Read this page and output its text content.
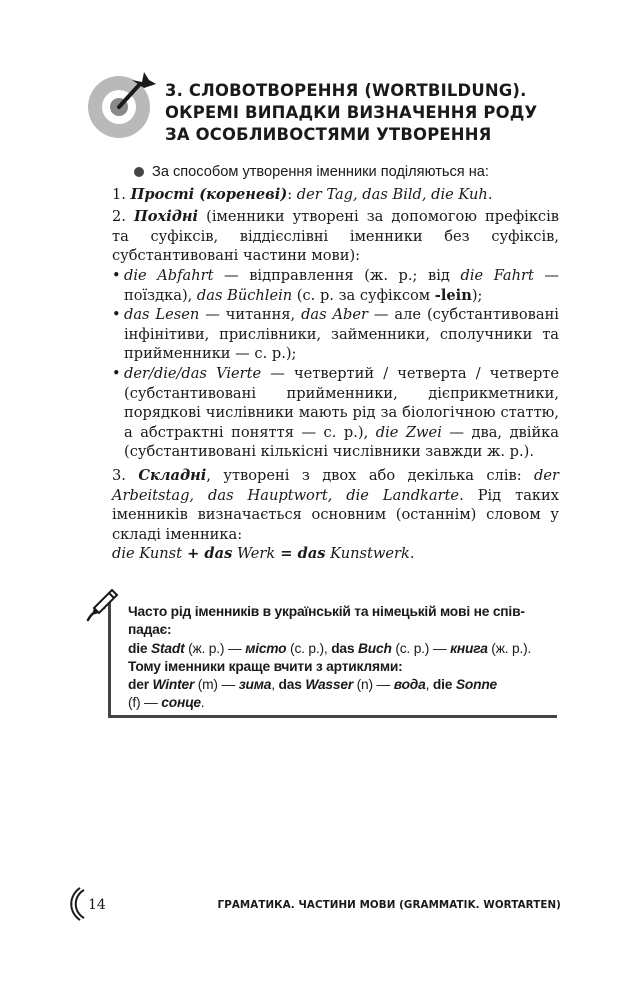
3. СЛОВОТВОРЕННЯ (WORTBILDUNG).
ОКРЕМІ ВИПАДКИ ВИЗНАЧЕННЯ РОДУ
ЗА ОСОБЛИВОСТЯМИ УТВОРЕННЯ
За способом утворення іменники поділяються на:

1. Прості (кореневі): der Tag, das Bild, die Kuh.

2. Похідні (іменники утворені за допомогою префіксів та суфіксів, віддієслівні іменники без суфіксів, субстантивовані частини мови):

• die Abfahrt — відправлення (ж. р.; від die Fahrt — поїздка), das Büchlein (с. р. за суфіксом -lein);
• das Lesen — читання, das Aber — але (субстантивовані інфінітиви, прислівники, займенники, сполучники та прийменники — с. р.);
• der/die/das Vierte — четвертий / четверта / четверте (субстантивовані прийменники, дієприкметники, порядкові числівники мають рід за біологічною статтю, а абстрактні поняття — с. р.), die Zwei — два, двійка (субстантивовані кількісні числівники завжди ж. р.).

3. Складні, утворені з двох або декілька слів: der Arbeitstag, das Hauptwort, die Landkarte. Рід таких іменників визначається основним (останнім) словом у складі іменника:

die Kunst + das Werk = das Kunstwerk.
Часто рід іменників в українській та німецькій мові не спів-
падає:
die Stadt (ж. р.) — місто (с. р.), das Buch (с. р.) — книга (ж. р.).
Тому іменники краще вчити з артиклями:
der Winter (m) — зима, das Wasser (n) — вода, die Sonne
(f) — сонце.
14	ГРАМАТИКА. ЧАСТИНИ МОВИ (GRAMMATIK. WORTARTEN)
